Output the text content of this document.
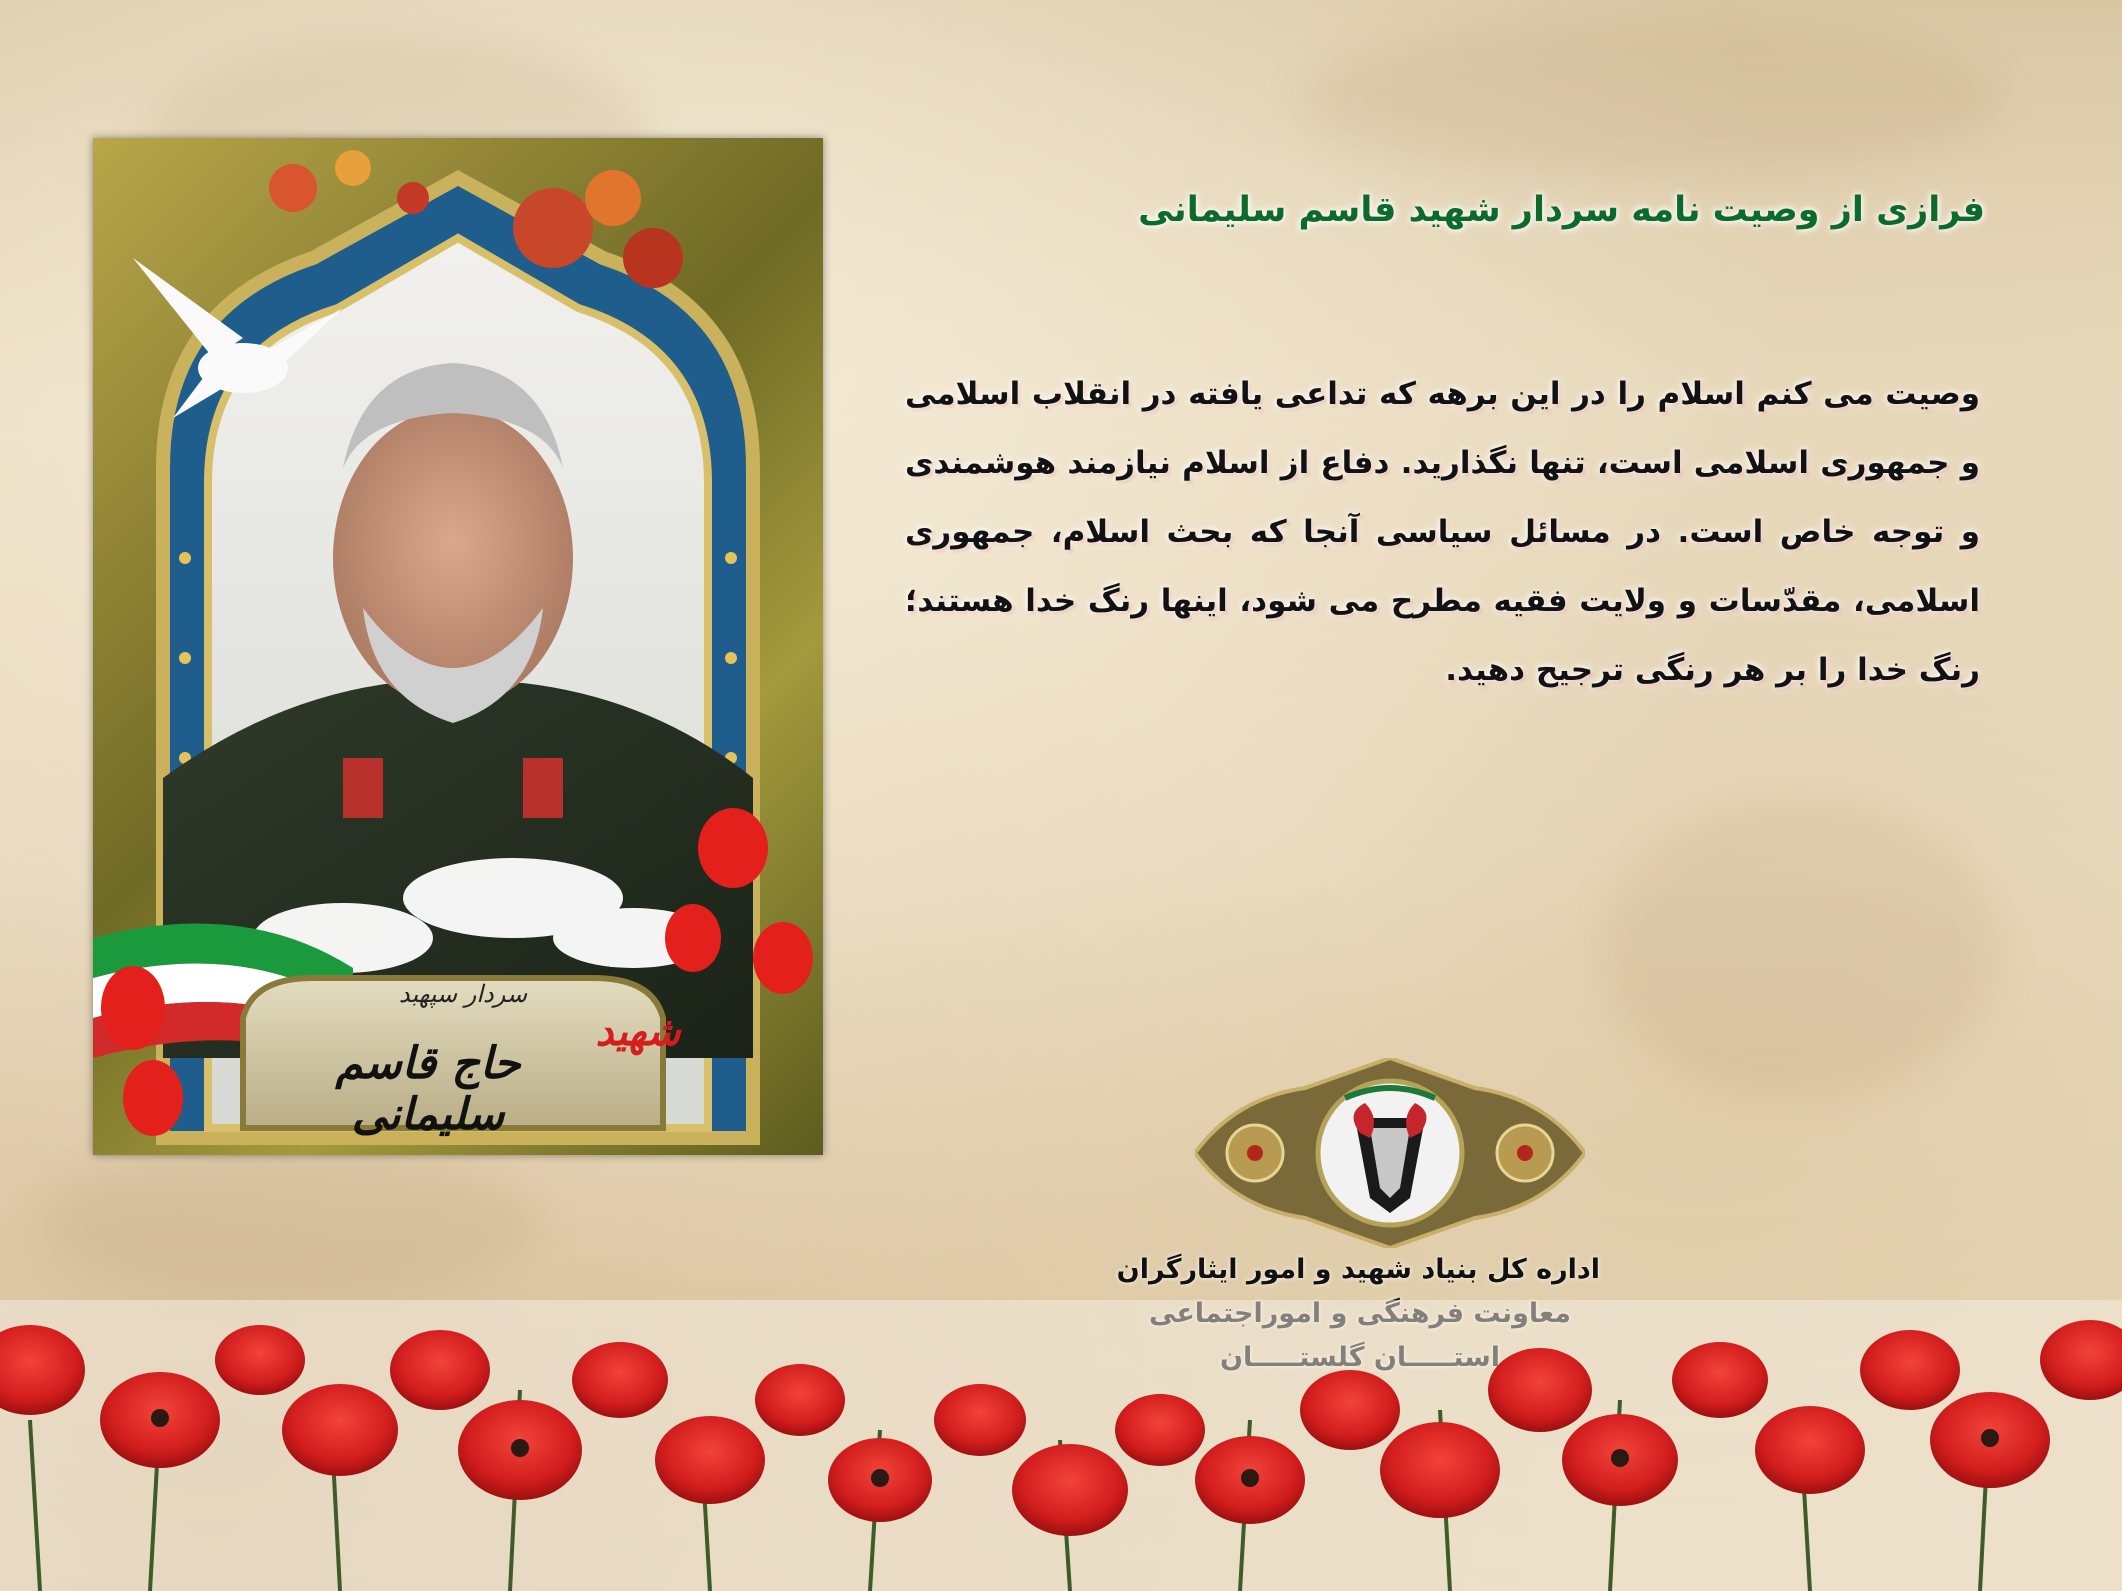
سردار سپهبد
شهید
حاج قاسم سلیمانی
فرازی از وصیت نامه سردار شهید قاسم سلیمانی
وصیت می کنم اسلام را در این برهه که تداعی یافته در انقلاب اسلامی و جمهوری اسلامی است، تنها نگذارید. دفاع از اسلام نیازمند هوشمندی و توجه خاص است. در مسائل سیاسی آنجا که بحث اسلام، جمهوری اسلامی، مقدّسات و ولایت فقیه مطرح می شود، اینها رنگ خدا هستند؛ رنگ خدا را بر هر رنگی ترجیح دهید.
اداره کل بنیاد شهید و امور ایثارگران
